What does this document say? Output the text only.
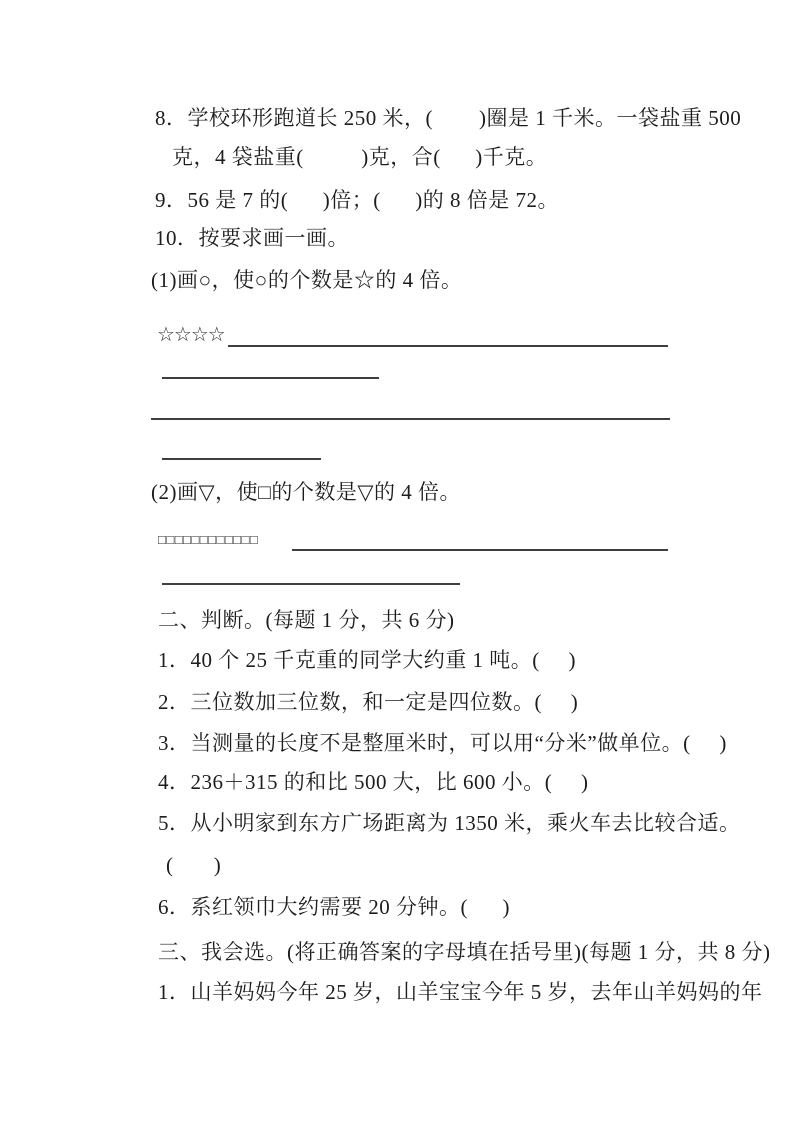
8．学校环形跑道长 250 米，(        )圈是 1 千米。一袋盐重 500
克，4 袋盐重(          )克，合(      )千克。
9．56 是 7 的(      )倍；(      )的 8 倍是 72。
10．按要求画一画。
(1)画○，使○的个数是☆的 4 倍。
☆☆☆☆
(2)画▽，使□的个数是▽的 4 倍。
□□□□□□□□□□□□
二、判断。(每题 1 分，共 6 分)
1．40 个 25 千克重的同学大约重 1 吨。(     )
2．三位数加三位数，和一定是四位数。(     )
3．当测量的长度不是整厘米时，可以用“分米”做单位。(     )
4．236＋315 的和比 500 大，比 600 小。(     )
5．从小明家到东方广场距离为 1350 米，乘火车去比较合适。
(       )
6．系红领巾大约需要 20 分钟。(      )
三、我会选。(将正确答案的字母填在括号里)(每题 1 分，共 8 分)
1．山羊妈妈今年 25 岁，山羊宝宝今年 5 岁，去年山羊妈妈的年
